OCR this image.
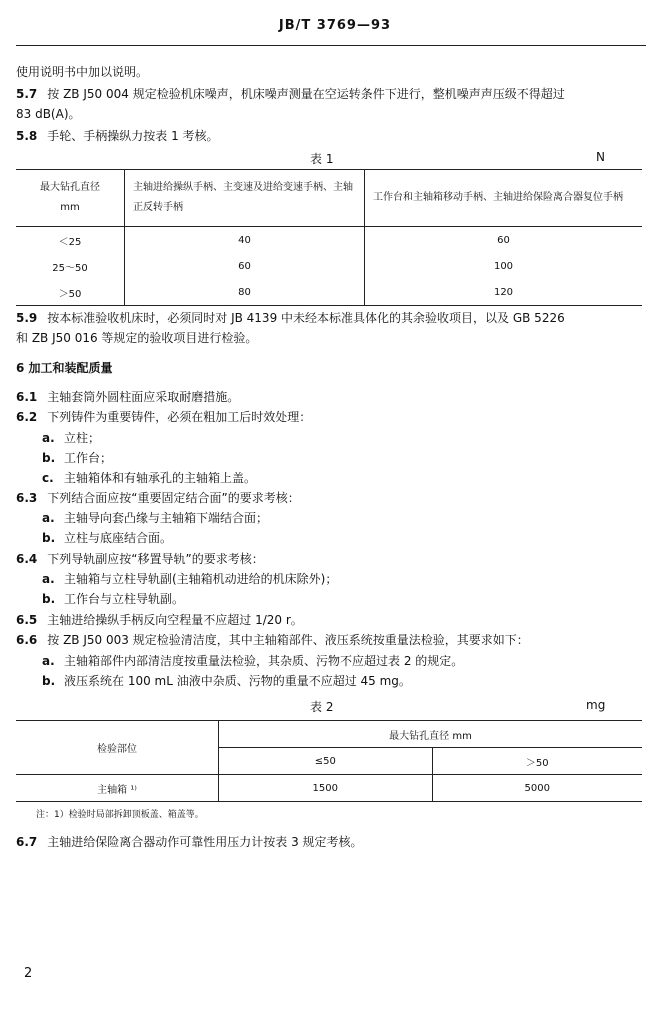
JB/T 3769—93
使用说明书中加以说明。
5.7 按 ZB J50 004 规定检验机床噪声，机床噪声测量在空运转条件下进行，整机噪声声压级不得超过
83 dB(A)。
5.8 手轮、手柄操纵力按表 1 考核。
表 1	N
最大钻孔直径
mm	主轴进给操纵手柄、主变速及进给变速手柄、主轴正反转手柄	工作台和主轴箱移动手柄、主轴进给保险离合器复位手柄
＜25	40	60
25～50	60	100
＞50	80	120
5.9 按本标准验收机床时，必须同时对 JB 4139 中未经本标准具体化的其余验收项目，以及 GB 5226
和 ZB J50 016 等规定的验收项目进行检验。
6 加工和装配质量
6.1 主轴套筒外圆柱面应采取耐磨措施。
6.2 下列铸件为重要铸件，必须在粗加工后时效处理：
a. 立柱；
b. 工作台；
c. 主轴箱体和有轴承孔的主轴箱上盖。
6.3 下列结合面应按“重要固定结合面”的要求考核：
a. 主轴导向套凸缘与主轴箱下端结合面；
b. 立柱与底座结合面。
6.4 下列导轨副应按“移置导轨”的要求考核：
a. 主轴箱与立柱导轨副(主轴箱机动进给的机床除外)；
b. 工作台与立柱导轨副。
6.5 主轴进给操纵手柄反向空程量不应超过 1/20 r。
6.6 按 ZB J50 003 规定检验清洁度，其中主轴箱部件、液压系统按重量法检验，其要求如下：
a. 主轴箱部件内部清洁度按重量法检验，其杂质、污物不应超过表 2 的规定。
b. 液压系统在 100 mL 油液中杂质、污物的重量不应超过 45 mg。
表 2	mg
检验部位	最大钻孔直径 mm	
	≤50	＞50
主轴箱 ¹⁾	1500	5000
注：1）检验时局部拆卸顶板盖、箱盖等。
6.7 主轴进给保险离合器动作可靠性用压力计按表 3 规定考核。
2
